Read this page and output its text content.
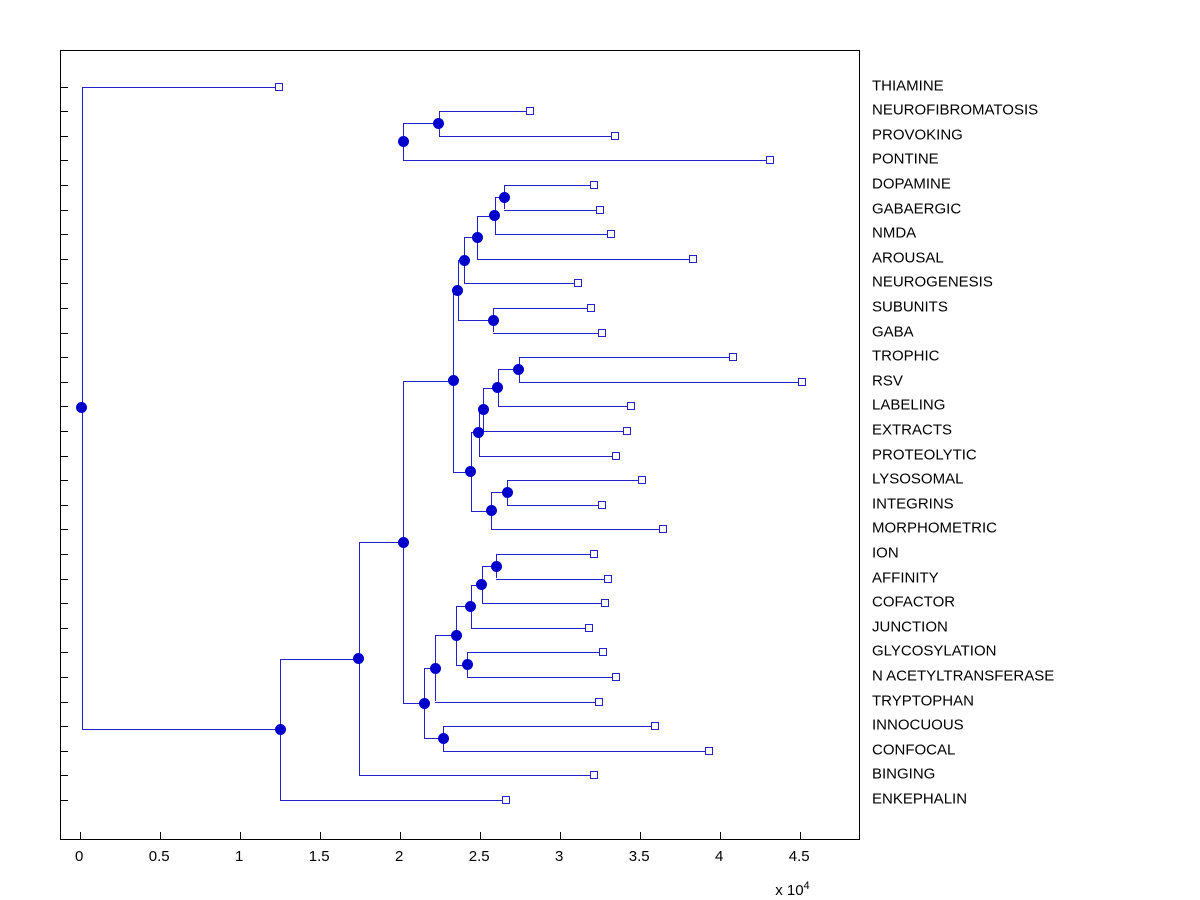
x $10^4$
THIAMINE
NEUROFIBROMATOSIS
PROVOKING
PONTINE
DOPAMINE
GABAERGIC
NMDA
AROUSAL
NEUROGENESIS
SUBUNITS
GABA
TROPHIC
RSV
LABELING
EXTRACTS
PROTEOLYTIC
LYSOSOMAL
INTEGRINS
MORPHOMETRIC
ION
AFFINITY
COFACTOR
JUNCTION
GLYCOSYLATION
N ACETYLTRANSFERASE
TRYPTOPHAN
INNOCUOUS
CONFOCAL
BINGING
ENKEPHALIN
0	0.5	1	1.5	2	2.5	3	3.5	4	4.5
